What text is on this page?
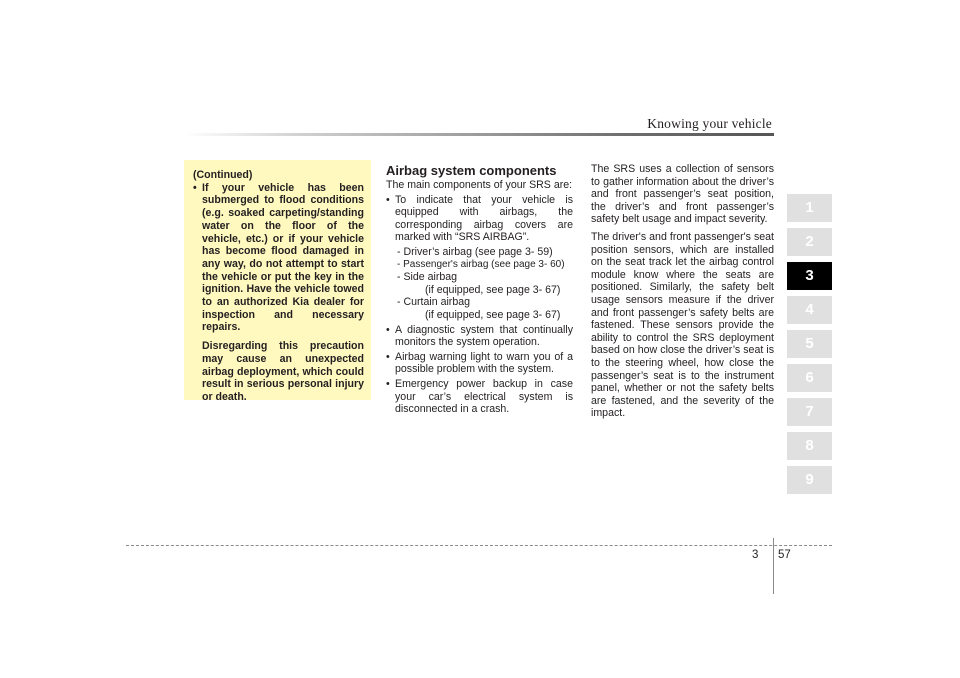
Knowing your vehicle

(Continued)

• If your vehicle has been submerged to flood conditions (e.g. soaked carpeting/standing water on the floor of the vehicle, etc.) or if your vehicle has become flood damaged in any way, do not attempt to start the vehicle or put the key in the ignition. Have the vehicle towed to an authorized Kia dealer for inspection and necessary repairs.

Disregarding this precaution may cause an unexpected airbag deployment, which could result in serious personal injury or death.

Airbag system components

The main components of your SRS are:

• To indicate that your vehicle is equipped with airbags, the corresponding airbag covers are marked with “SRS AIRBAG”.
- Driver’s airbag (see page 3- 59)
- Passenger's airbag (see page 3- 60)
- Side airbag
(if equipped, see page 3- 67)
- Curtain airbag
(if equipped, see page 3- 67)
• A diagnostic system that continually monitors the system operation.
• Airbag warning light to warn you of a possible problem with the system.
• Emergency power backup in case your car’s electrical system is disconnected in a crash.

The SRS uses a collection of sensors to gather information about the driver’s and front passenger’s seat position, the driver’s and front passenger’s safety belt usage and impact severity.

The driver's and front passenger's seat position sensors, which are installed on the seat track let the airbag control module know where the seats are positioned. Similarly, the safety belt usage sensors measure if the driver and front passenger’s safety belts are fastened. These sensors provide the ability to control the SRS deployment based on how close the driver’s seat is to the steering wheel, how close the passenger’s seat is to the instrument panel, whether or not the safety belts are fastened, and the severity of the impact.

1
2
3
4
5
6
7
8
9
3 57
